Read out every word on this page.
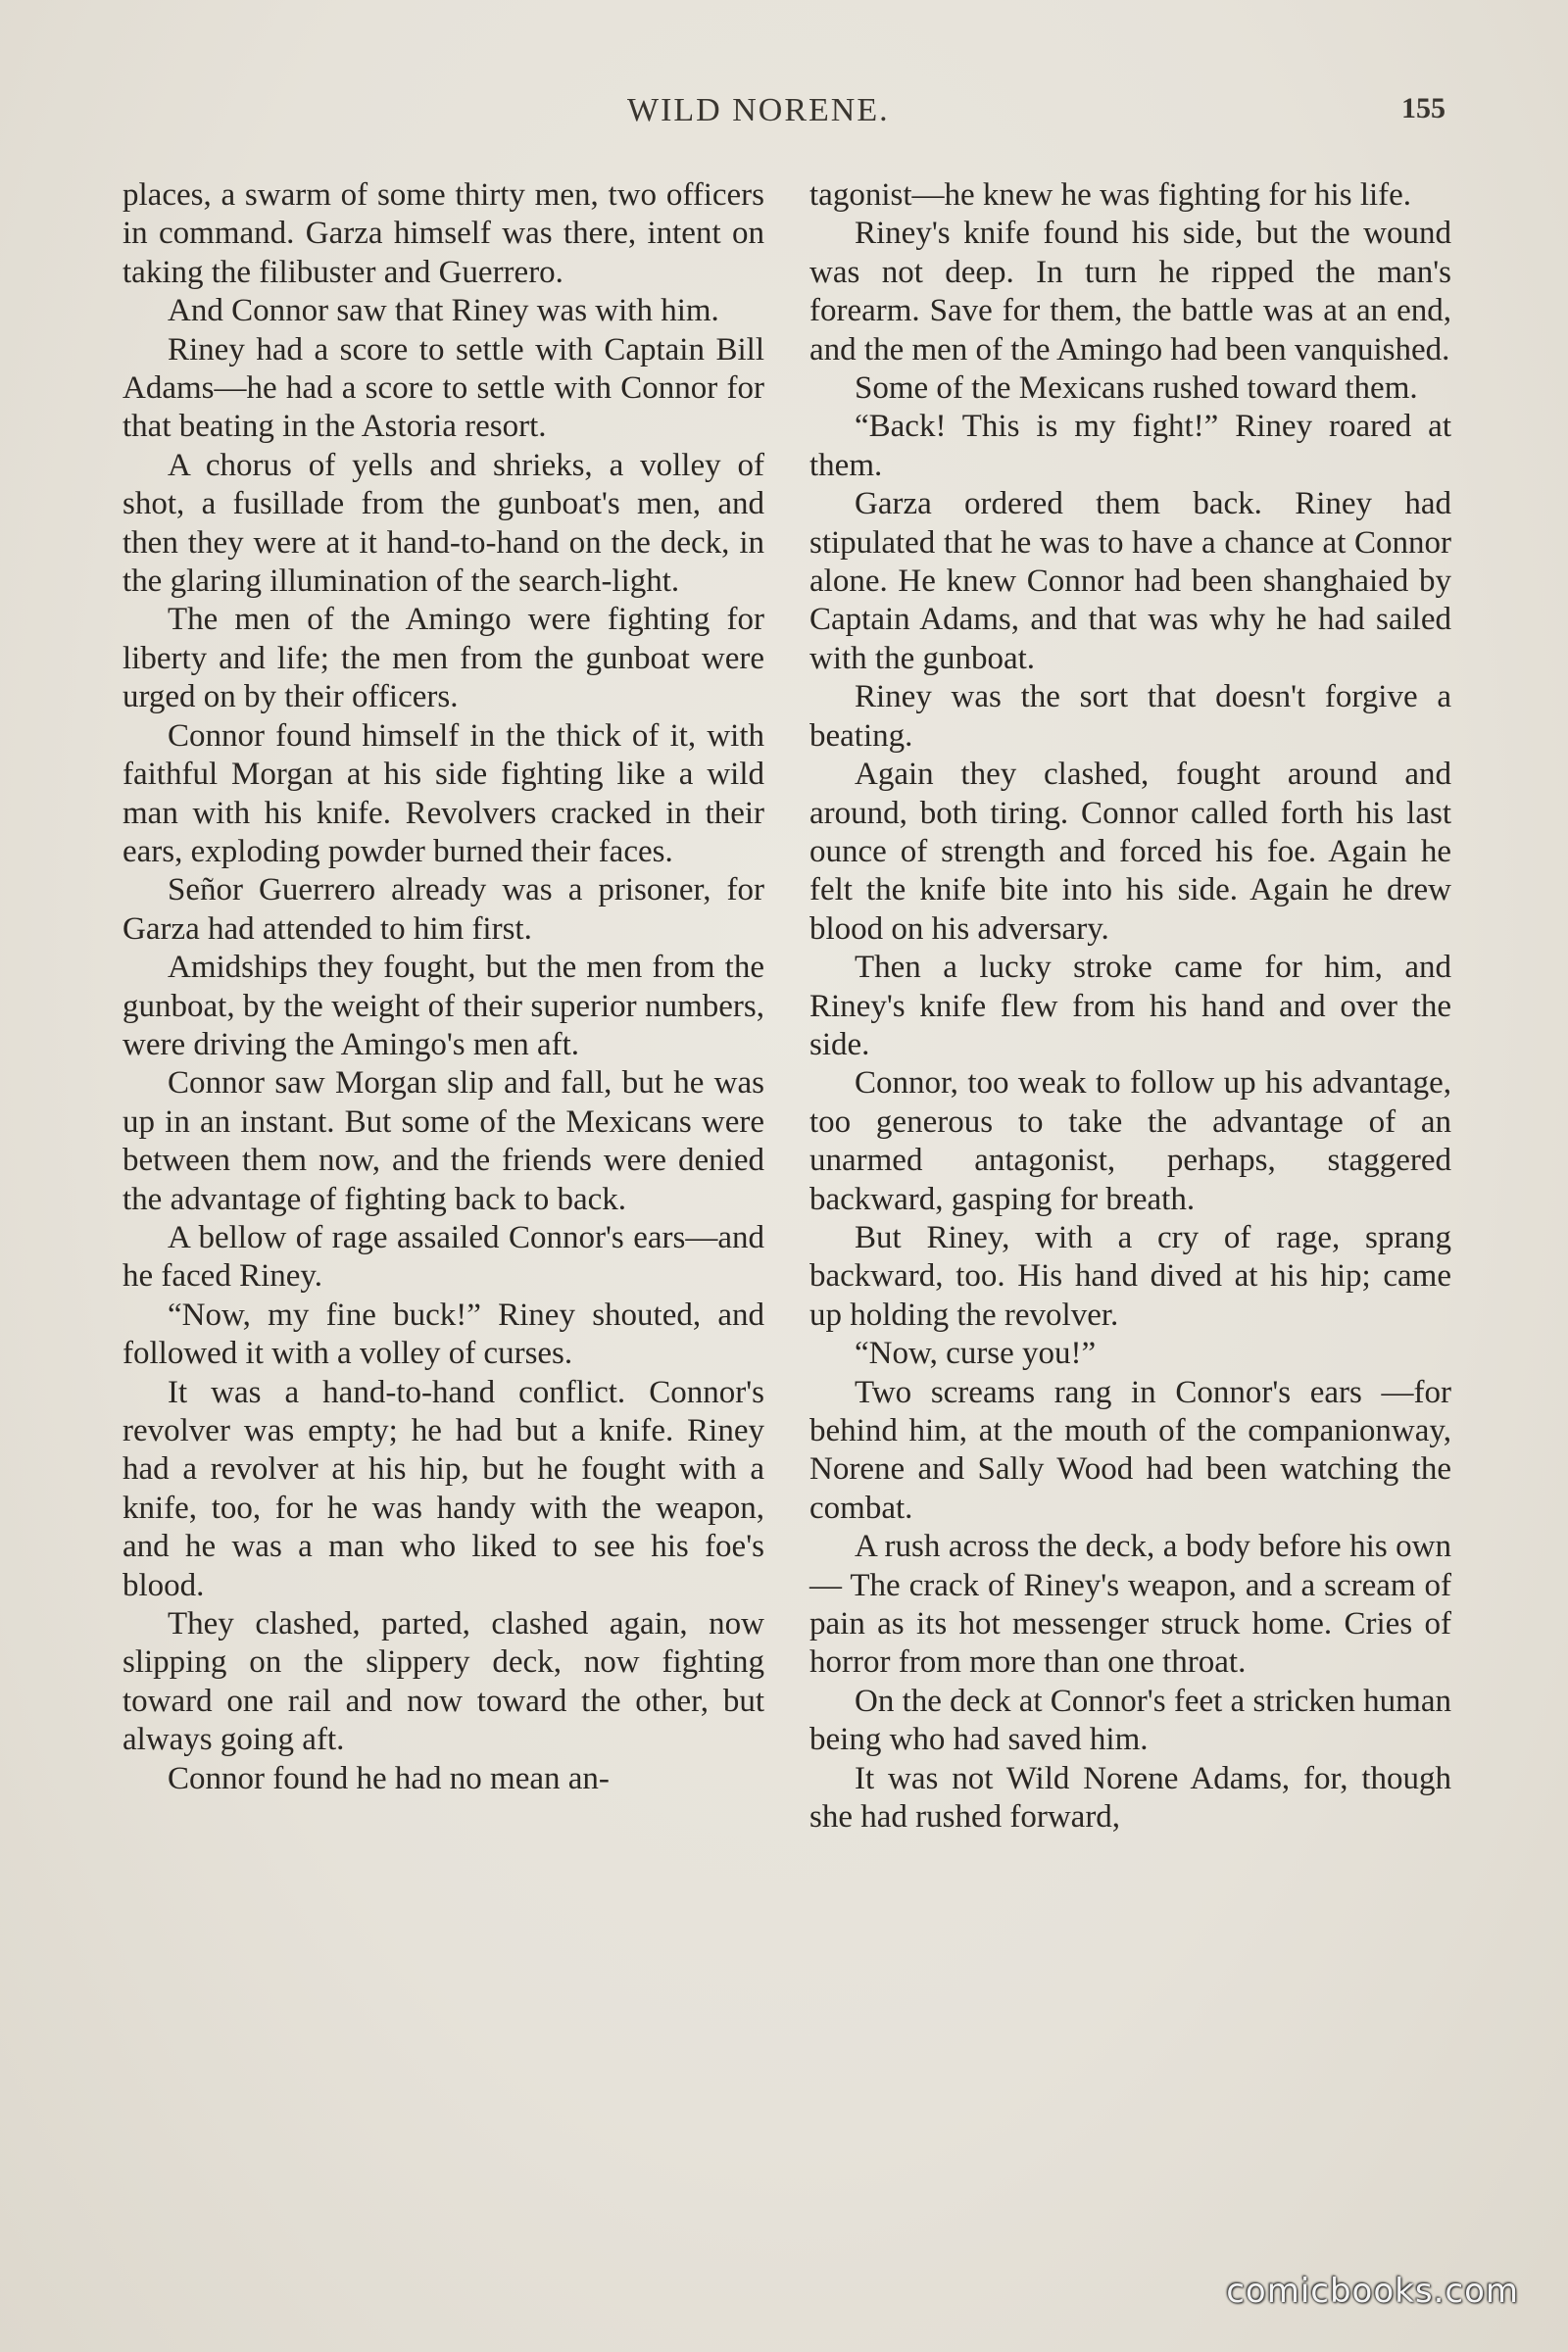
WILD NORENE.	155

places, a swarm of some thirty men, two officers in command. Garza himself was there, intent on taking the filibuster and Guerrero.

And Connor saw that Riney was with him.

Riney had a score to settle with Captain Bill Adams—he had a score to settle with Connor for that beating in the Astoria resort.

A chorus of yells and shrieks, a volley of shot, a fusillade from the gunboat's men, and then they were at it hand-to-hand on the deck, in the glaring illumination of the search-light.

The men of the Amingo were fighting for liberty and life; the men from the gunboat were urged on by their officers.

Connor found himself in the thick of it, with faithful Morgan at his side fighting like a wild man with his knife. Revolvers cracked in their ears, exploding powder burned their faces.

Señor Guerrero already was a prisoner, for Garza had attended to him first.

Amidships they fought, but the men from the gunboat, by the weight of their superior numbers, were driving the Amingo's men aft.

Connor saw Morgan slip and fall, but he was up in an instant. But some of the Mexicans were between them now, and the friends were denied the advantage of fighting back to back.

A bellow of rage assailed Connor's ears—and he faced Riney.

“Now, my fine buck!” Riney shouted, and followed it with a volley of curses.

It was a hand-to-hand conflict. Connor's revolver was empty; he had but a knife. Riney had a revolver at his hip, but he fought with a knife, too, for he was handy with the weapon, and he was a man who liked to see his foe's blood.

They clashed, parted, clashed again, now slipping on the slippery deck, now fighting toward one rail and now toward the other, but always going aft.

Connor found he had no mean an-

tagonist—he knew he was fighting for his life.

Riney's knife found his side, but the wound was not deep. In turn he ripped the man's forearm. Save for them, the battle was at an end, and the men of the Amingo had been vanquished.

Some of the Mexicans rushed toward them.

“Back! This is my fight!” Riney roared at them.

Garza ordered them back. Riney had stipulated that he was to have a chance at Connor alone. He knew Connor had been shanghaied by Captain Adams, and that was why he had sailed with the gunboat.

Riney was the sort that doesn't forgive a beating.

Again they clashed, fought around and around, both tiring. Connor called forth his last ounce of strength and forced his foe. Again he felt the knife bite into his side. Again he drew blood on his adversary.

Then a lucky stroke came for him, and Riney's knife flew from his hand and over the side.

Connor, too weak to follow up his advantage, too generous to take the advantage of an unarmed antagonist, perhaps, staggered backward, gasping for breath.

But Riney, with a cry of rage, sprang backward, too. His hand dived at his hip; came up holding the revolver.

“Now, curse you!”

Two screams rang in Connor's ears —for behind him, at the mouth of the companionway, Norene and Sally Wood had been watching the combat.

A rush across the deck, a body before his own— The crack of Riney's weapon, and a scream of pain as its hot messenger struck home. Cries of horror from more than one throat.

On the deck at Connor's feet a stricken human being who had saved him.

It was not Wild Norene Adams, for, though she had rushed forward,

comicbooks.com
